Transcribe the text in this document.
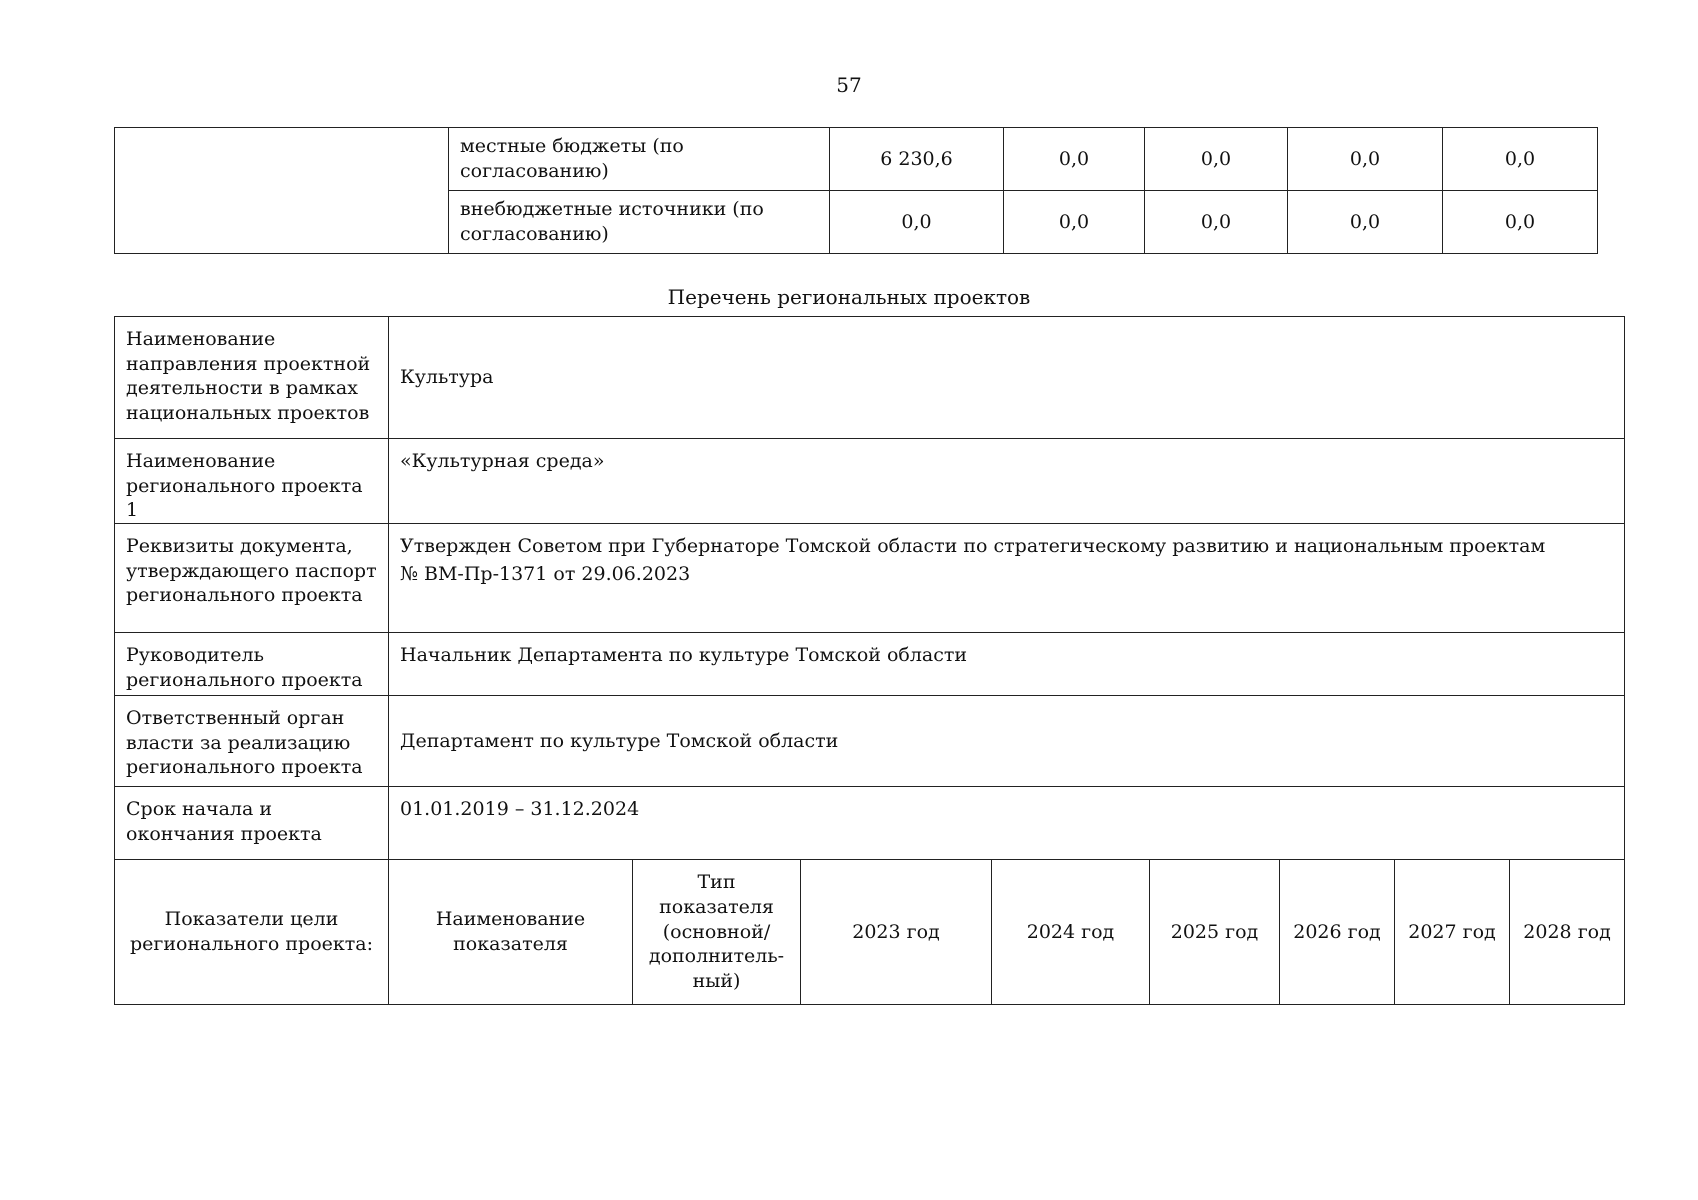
57
	местные бюджеты (по согласованию)	6 230,6	0,0	0,0	0,0	0,0
	внебюджетные источники (по согласованию)	0,0	0,0	0,0	0,0	0,0
Перечень региональных проектов
Наименование направления проектной деятельности в рамках национальных проектов	Культура							
Наименование регионального проекта 1	«Культурная среда»							
Реквизиты документа, утверждающего паспорт регионального проекта	Утвержден Советом при Губернаторе Томской области по стратегическому развитию и национальным проектам
№ ВМ-Пр-1371 от 29.06.2023							

Руководитель регионального проекта	Начальник Департамента по культуре Томской области							
Ответственный орган власти за реализацию регионального проекта	Департамент по культуре Томской области							
Срок начала и окончания проекта	01.01.2019 – 31.12.2024							
Показатели цели регионального проекта:	Наименование показателя	Тип показателя (основной/ дополнитель-ный)	2023 год	2024 год	2025 год	2026 год	2027 год	2028 год
